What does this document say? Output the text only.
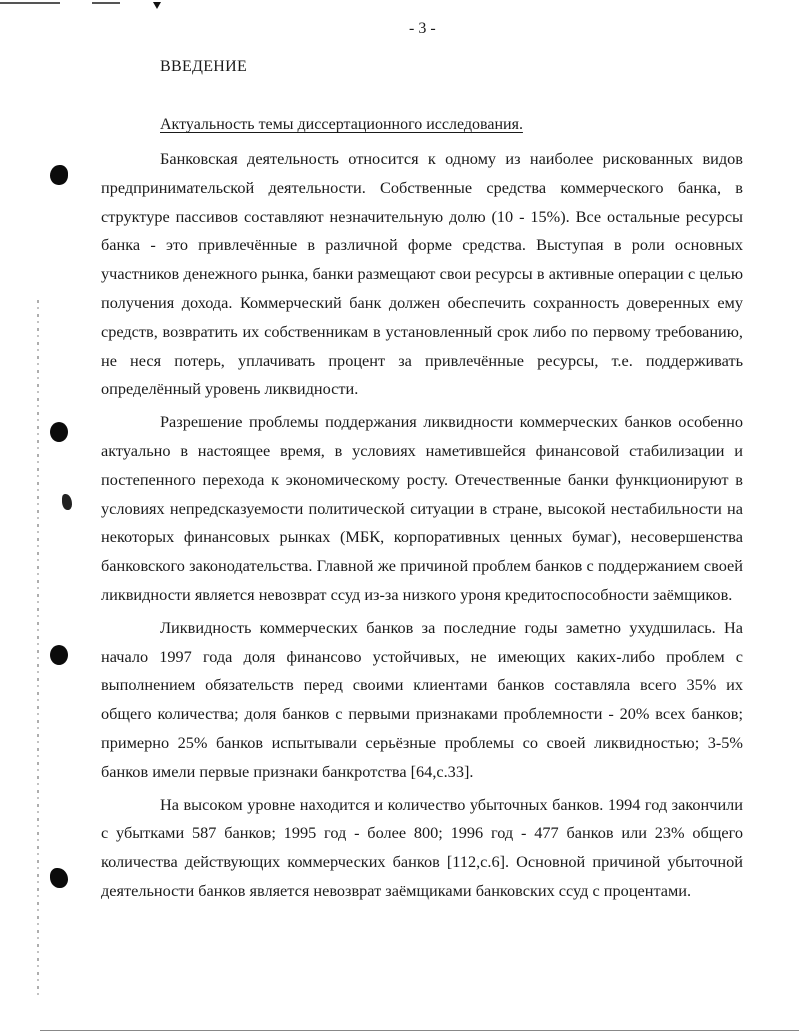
- 3 -
ВВЕДЕНИЕ
Актуальность темы диссертационного исследования.

Банковская деятельность относится к одному из наиболее рискованных видов предпринимательской деятельности. Собственные средства коммерческого банка, в структуре пассивов составляют незначительную долю (10 - 15%). Все остальные ресурсы банка - это привлечённые в различной форме средства. Выступая в роли основных участников денежного рынка, банки размещают свои ресурсы в активные операции с целью получения дохода. Коммерческий банк должен обеспечить сохранность доверенных ему средств, возвратить их собственникам в установленный срок либо по первому требованию, не неся потерь, уплачивать процент за привлечённые ресурсы, т.е. поддерживать определённый уровень ликвидности.

Разрешение проблемы поддержания ликвидности коммерческих банков особенно актуально в настоящее время, в условиях наметившейся финансовой стабилизации и постепенного перехода к экономическому росту. Отечественные банки функционируют в условиях непредсказуемости политической ситуации в стране, высокой нестабильности на некоторых финансовых рынках (МБК, корпоративных ценных бумаг), несовершенства банковского законодательства. Главной же причиной проблем банков с поддержанием своей ликвидности является невозврат ссуд из-за низкого уроня кредитоспособности заёмщиков.

Ликвидность коммерческих банков за последние годы заметно ухудшилась. На начало 1997 года доля финансово устойчивых, не имеющих каких-либо проблем с выполнением обязательств перед своими клиентами банков составляла всего 35% их общего количества; доля банков с первыми признаками проблемности - 20% всех банков; примерно 25% банков испытывали серьёзные проблемы со своей ликвидностью; 3-5% банков имели первые признаки банкротства [64,с.33].

На высоком уровне находится и количество убыточных банков. 1994 год закончили с убытками 587 банков; 1995 год - более 800; 1996 год - 477 банков или 23% общего количества действующих коммерческих банков [112,с.6]. Основной причиной убыточной деятельности банков является невозврат заёмщиками банковских ссуд с процентами.
